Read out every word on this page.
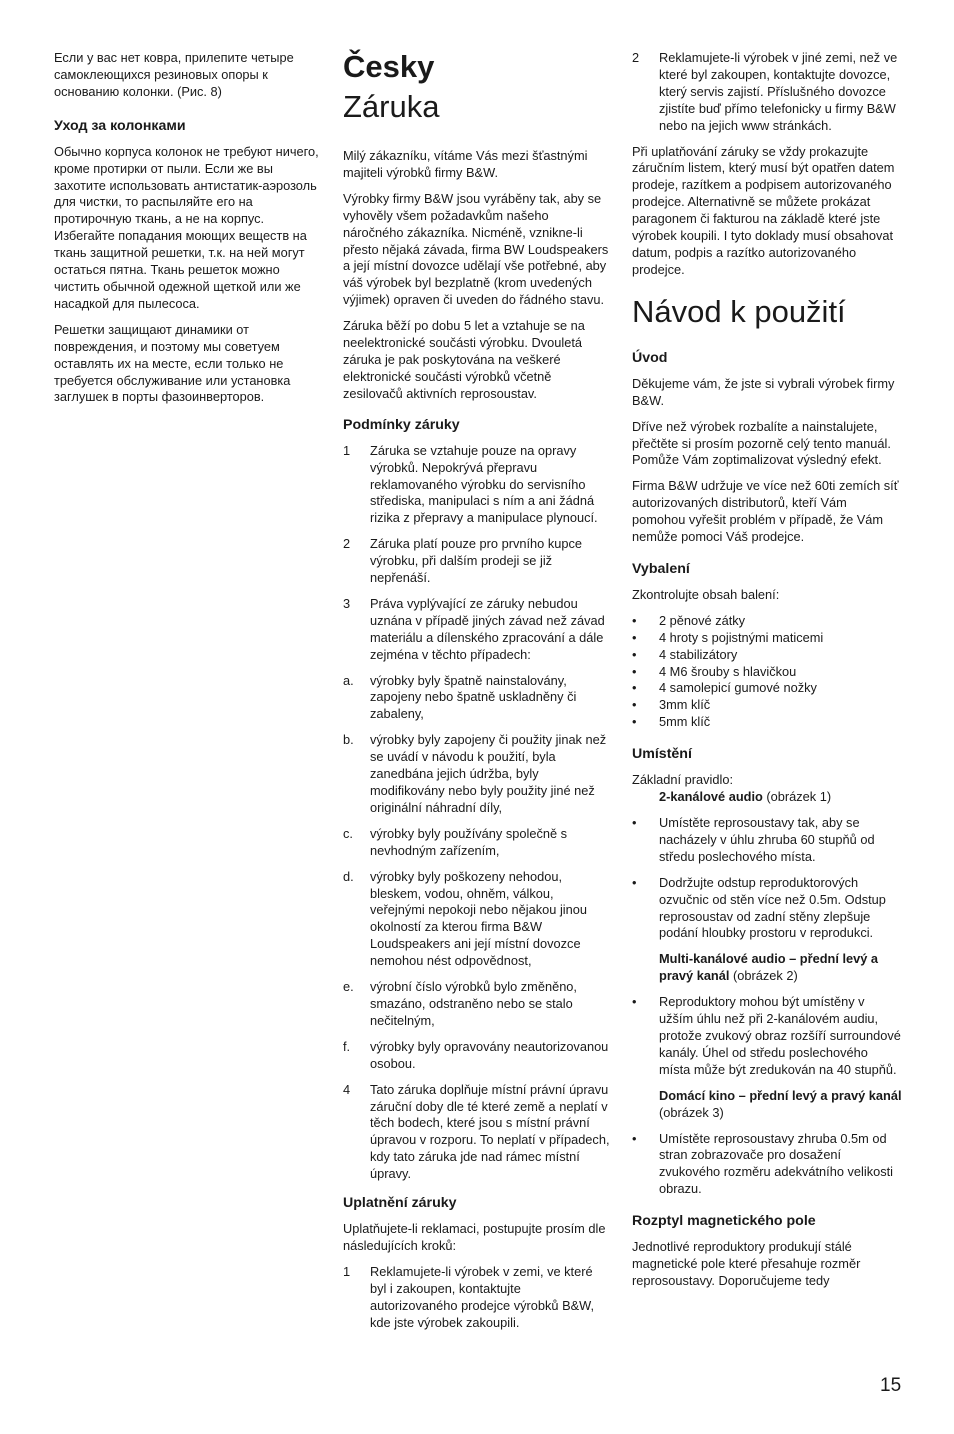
Если у вас нет ковра, прилепите четыре самоклеющихся резиновых опоры к основанию колонки. (Рис. 8)

Уход за колонками

Обычно корпуса колонок не требуют ничего, кроме протирки от пыли. Если же вы захотите использовать антистатик-аэрозоль для чистки, то распыляйте его на протирочную ткань, а не на корпус. Избегайте попадания моющих веществ на ткань защитной решетки, т.к. на ней могут остаться пятна. Ткань решеток можно чистить обычной одежной щеткой или же насадкой для пылесоса.

Решетки защищают динамики от повреждения, и поэтому мы советуем оставлять их на месте, если только не требуется обслуживание или установка заглушек в порты фазоинверторов.

Česky
Záruka

Milý zákazníku, vítáme Vás mezi šťastnými majiteli výrobků firmy B&W.

Výrobky firmy B&W jsou vyráběny tak, aby se vyhověly všem požadavkům našeho náročného zákazníka. Nicméně, vznikne-li přesto nějaká závada, firma BW Loudspeakers a její místní dovozce udělají vše potřebné, aby váš výrobek byl bezplatně (krom uvedených výjimek) opraven či uveden do řádného stavu.

Záruka běží po dobu 5 let a vztahuje se na neelektronické součásti výrobku. Dvouletá záruka je pak poskytována na veškeré elektronické součásti výrobků včetně zesilovačů aktivních reprosoustav.

Podmínky záruky
1	Záruka se vztahuje pouze na opravy výrobků. Nepokrývá přepravu reklamovaného výrobku do servisního střediska, manipulaci s ním a ani žádná rizika z přepravy a manipulace plynoucí.
2	Záruka platí pouze pro prvního kupce výrobku, při dalším prodeji se již nepřenáší.
3	Práva vyplývající ze záruky nebudou uznána v případě jiných závad než závad materiálu a dílenského zpracování a dále zejména v těchto případech:
a.	výrobky byly špatně nainstalovány, zapojeny nebo špatně uskladněny či zabaleny,
b.	výrobky byly zapojeny či použity jinak než se uvádí v návodu k použití, byla zanedbána jejich údržba, byly modifikovány nebo byly použity jiné než originální náhradní díly,
c.	výrobky byly používány společně s nevhodným zařízením,
d.	výrobky byly poškozeny nehodou, bleskem, vodou, ohněm, válkou, veřejnými nepokoji nebo nějakou jinou okolností za kterou firma B&W Loudspeakers ani její místní dovozce nemohou nést odpovědnost,
e.	výrobní číslo výrobků bylo změněno, smazáno, odstraněno nebo se stalo nečitelným,
f.	výrobky byly opravovány neautorizovanou osobou.
4	Tato záruka doplňuje místní právní úpravu záruční doby dle té které země a neplatí v těch bodech, které jsou s místní právní úpravou v rozporu. To neplatí v případech, kdy tato záruka jde nad rámec místní úpravy.
Uplatnění záruky

Uplatňujete-li reklamaci, postupujte prosím dle následujících kroků:

1	Reklamujete-li výrobek v zemi, ve které byl i zakoupen, kontaktujte autorizovaného prodejce výrobků B&W, kde jste výrobek zakoupili.
2	Reklamujete-li výrobek v jiné zemi, než ve které byl zakoupen, kontaktujte dovozce, který servis zajistí. Příslušného dovozce zjistíte buď přímo telefonicky u firmy B&W nebo na jejich www stránkách.

Při uplatňování záruky se vždy prokazujte záručním listem, který musí být opatřen datem prodeje, razítkem a podpisem autorizovaného prodejce. Alternativně se můžete prokázat paragonem či fakturou na základě které jste výrobek koupili. I tyto doklady musí obsahovat datum, podpis a razítko autorizovaného prodejce.

Návod k použití
Úvod

Děkujeme vám, že jste si vybrali výrobek firmy B&W.

Dříve než výrobek rozbalíte a nainstalujete, přečtěte si prosím pozorně celý tento manuál. Pomůže Vám zoptimalizovat výsledný efekt.

Firma B&W udržuje ve více než 60ti zemích síť autorizovaných distributorů, kteří Vám pomohou vyřešit problém v případě, že Vám nemůže pomoci Váš prodejce.

Vybalení

Zkontrolujte obsah balení:

•	2 pěnové zátky
•	4 hroty s pojistnými maticemi
•	4 stabilizátory
•	4 M6 šrouby s hlavičkou
•	4 samolepicí gumové nožky
•	3mm klíč
•	5mm klíč
Umístění

Základní pravidlo:

2-kanálové audio (obrázek 1)
•	Umístěte reprosoustavy tak, aby se nacházely v úhlu zhruba 60 stupňů od středu poslechového místa.
•	Dodržujte odstup reproduktorových ozvučnic od stěn více než 0.5m. Odstup reprosoustav od zadní stěny zlepšuje podání hloubky prostoru v reprodukci.
Multi-kanálové audio – přední levý a pravý kanál (obrázek 2)
•	Reproduktory mohou být umístěny v užším úhlu než při 2-kanálovém audiu, protože zvukový obraz rozšíří surroundové kanály. Úhel od středu poslechového místa může být zredukován na 40 stupňů.
Domácí kino – přední levý a pravý kanál (obrázek 3)
•	Umístěte reprosoustavy zhruba 0.5m od stran zobrazovače pro dosažení zvukového rozměru adekvátního velikosti obrazu.
Rozptyl magnetického pole

Jednotlivé reproduktory produkují stálé magnetické pole které přesahuje rozměr reprosoustavy. Doporučujeme tedy

15
